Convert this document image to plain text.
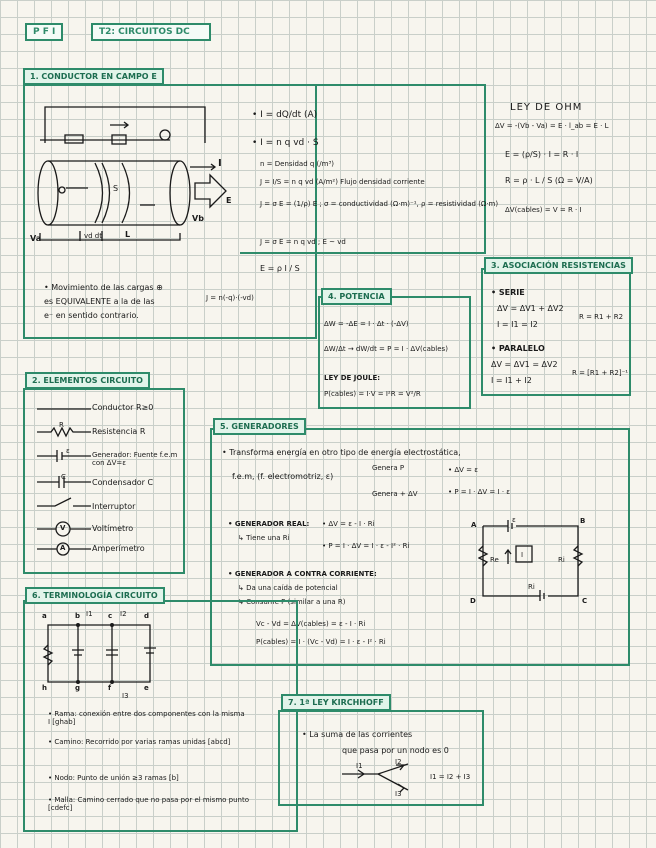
P F I	T2: CIRCUITOS DC
1. CONDUCTOR EN CAMPO E
I
E
Va
Vb
L
vd dt
S
• I = dQ/dt (A)
• I = n q vd · S
n = Densidad q (/m³)
J = I/S = n q vd (A/m²) Flujo densidad corriente
J = σ E = (1/ρ) E ; σ = conductividad (Ω·m)⁻¹, ρ = resistividad (Ω·m)
J = σ E = n q vd ; E ~ vd
E = ρ I / S
• Movimiento de las cargas ⊕
es EQUIVALENTE a la de las
e⁻ en sentido contrario.
J = n(-q)·(-vd)
LEY DE OHM
ΔV = -(Vb - Va) = E · l_ab = E · L
E = (ρ/S) · I = R · I
R = ρ · L / S (Ω = V/A)
ΔV(cables) = V = R · I
3. ASOCIACIÓN RESISTENCIAS
• SERIE
ΔV = ΔV1 + ΔV2
I = I1 = I2
R = R1 + R2
• PARALELO
ΔV = ΔV1 = ΔV2
I = I1 + I2
R = [R1 + R2]⁻¹
4. POTENCIA
ΔW = -ΔE = I · Δt · (-ΔV)
ΔW/Δt → dW/dt = P = I · ΔV(cables)
LEY DE JOULE:
P(cables) = I·V = I²R = V²/R
2. ELEMENTOS CIRCUITO
R
ε
C
V
A
Conductor R≥0
Resistencia R
Generador: Fuente f.e.m con ΔV=ε
Condensador C
Interruptor
Voltímetro
Amperímetro
5. GENERADORES
• Transforma energía en otro tipo de energía electrostática,
f.e.m, (f. electromotriz, ε)
Genera P
Genera + ΔV
• ΔV = ε
• P = I · ΔV = I · ε
• GENERADOR REAL:
↳ Tiene una Ri
• ΔV = ε - I · Ri
• P = I · ΔV = I · ε - I² · Ri
• GENERADOR A CONTRA CORRIENTE:
↳ Da una caída de potencial
↳ Consume P (similar a una R)
Vc - Vd = ΔV(cables) = ε - I · Ri
P(cables) = I · (Vc - Vd) = I · ε - I² · Ri
A	B
C
D
Re
I
Ri
Ri
ε
6. TERMINOLOGÍA CIRCUITO
a	b	c	d
h	g	f	e
I1	I2
I3
• Rama: conexión entre dos componentes con la misma I [ghab]
• Camino: Recorrido por varias ramas unidas [abcd]
• Nodo: Punto de unión ≥3 ramas [b]
• Malla: Camino cerrado que no pasa por el mismo punto [cdefc]
7. 1ª LEY KIRCHHOFF
• La suma de las corrientes
que pasa por un nodo es 0
I1	I2
I3
I1 = I2 + I3
